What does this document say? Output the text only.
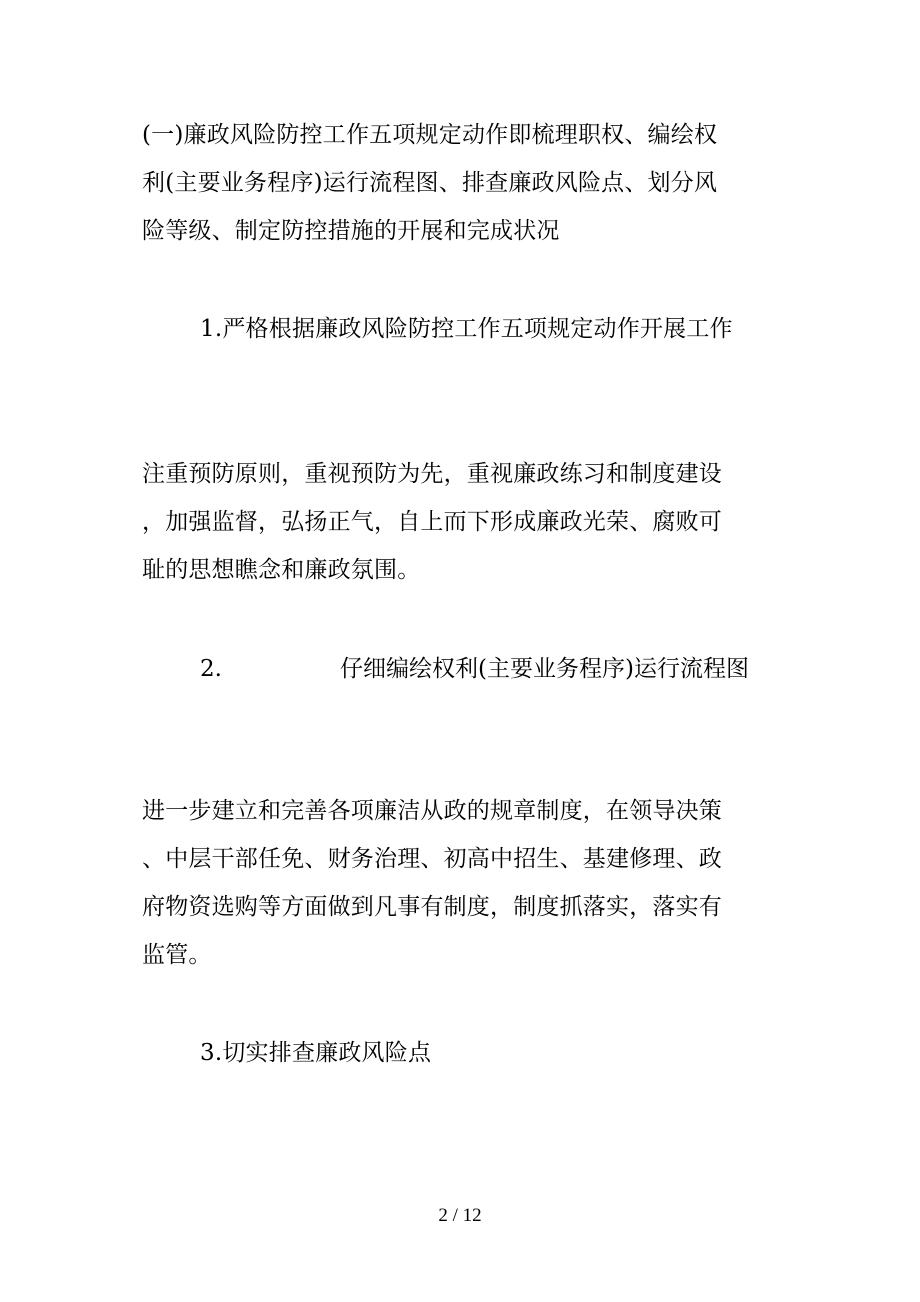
(一)廉政风险防控工作五项规定动作即梳理职权、编绘权
利(主要业务程序)运行流程图、排查廉政风险点、划分风
险等级、制定防控措施的开展和完成状况
1.严格根据廉政风险防控工作五项规定动作开展工作
注重预防原则，重视预防为先，重视廉政练习和制度建设
，加强监督，弘扬正气，自上而下形成廉政光荣、腐败可
耻的思想瞧念和廉政氛围。
2.	仔细编绘权利(主要业务程序)运行流程图
进一步建立和完善各项廉洁从政的规章制度，在领导决策
、中层干部任免、财务治理、初高中招生、基建修理、政
府物资选购等方面做到凡事有制度，制度抓落实，落实有
监管。
3.切实排查廉政风险点
2 / 12
